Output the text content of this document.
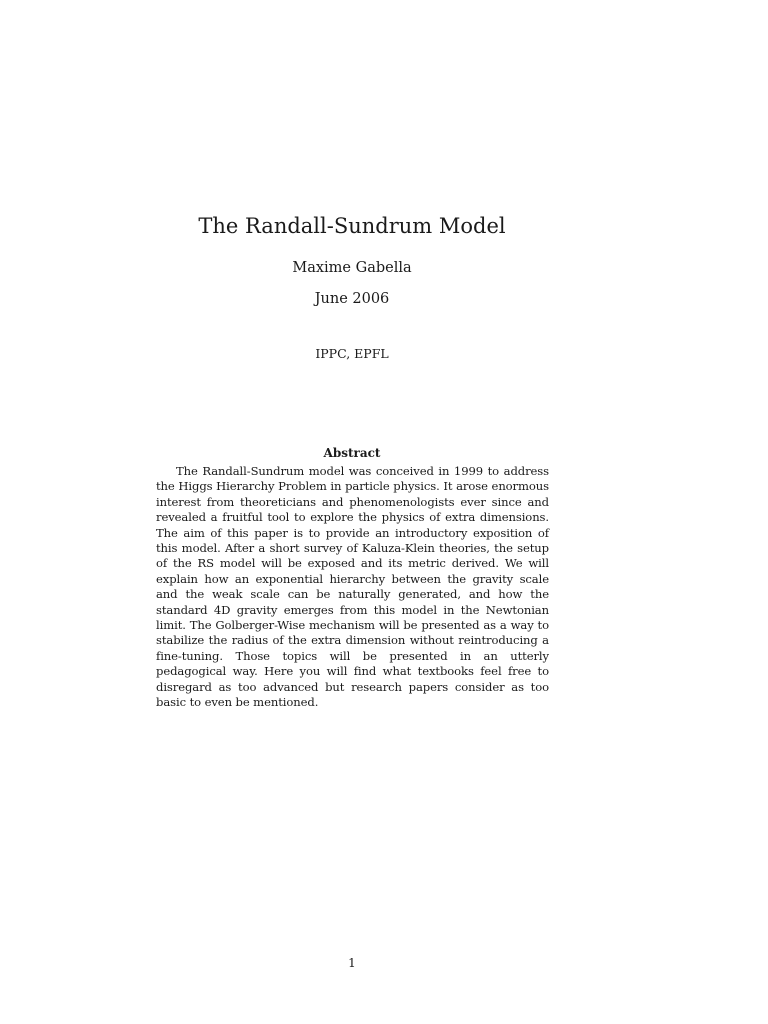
The Randall-Sundrum Model
Maxime Gabella
June 2006
IPPC, EPFL
Abstract

The Randall-Sundrum model was conceived in 1999 to address the Higgs Hierarchy Problem in particle physics. It arose enormous interest from theoreticians and phenomenologists ever since and revealed a fruitful tool to explore the physics of extra dimensions. The aim of this paper is to provide an introductory exposition of this model. After a short survey of Kaluza-Klein theories, the setup of the RS model will be exposed and its metric derived. We will explain how an exponential hierarchy between the gravity scale and the weak scale can be naturally generated, and how the standard 4D gravity emerges from this model in the Newtonian limit. The Golberger-Wise mechanism will be presented as a way to stabilize the radius of the extra dimension without reintroducing a fine-tuning. Those topics will be presented in an utterly pedagogical way. Here you will find what textbooks feel free to disregard as too advanced but research papers consider as too basic to even be mentioned.

1
